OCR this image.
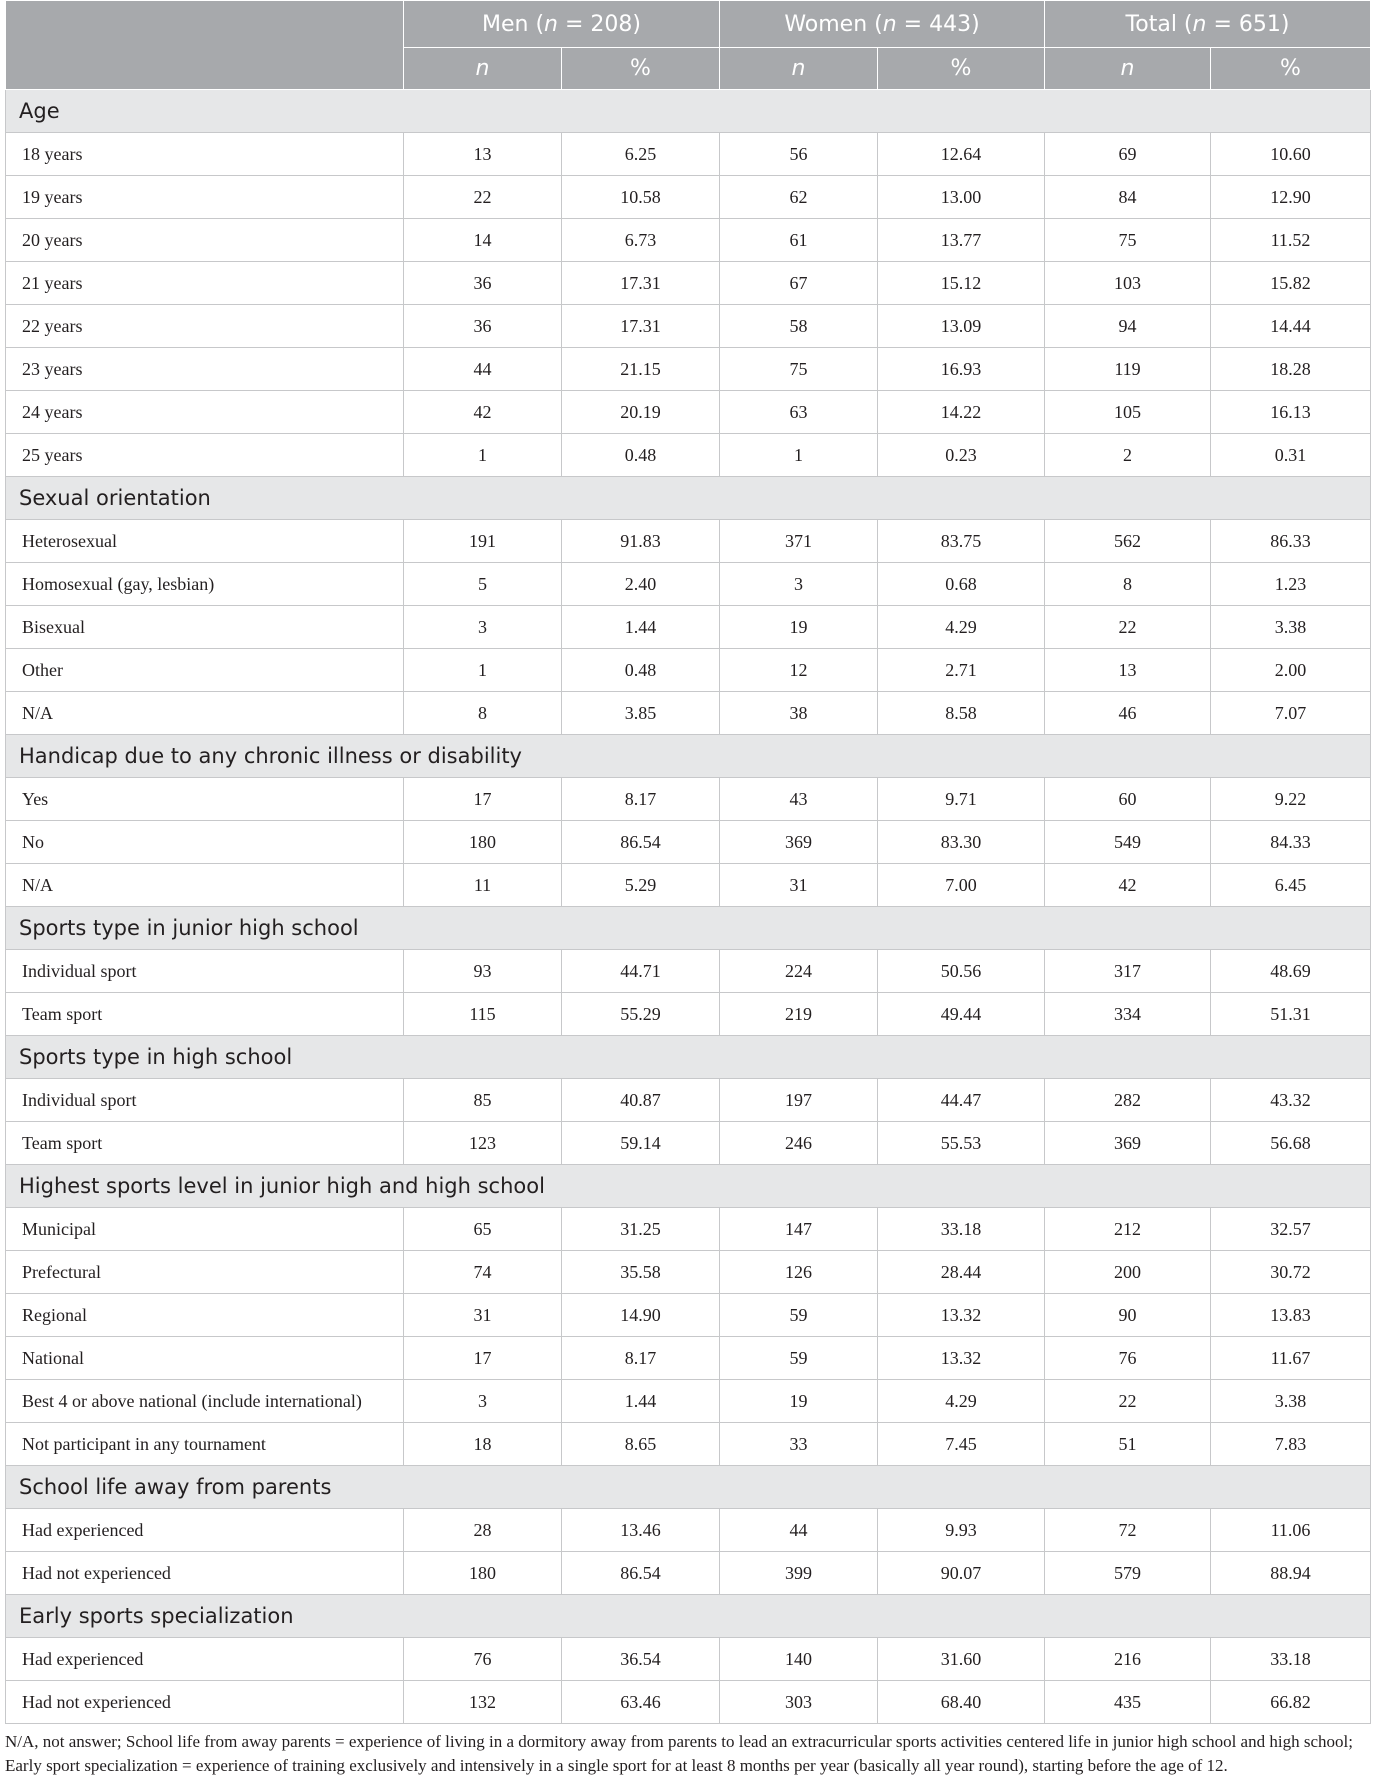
	Men (n = 208)		Women (n = 443)		Total (n = 651)	
	n	%	n	%	n	%
Age						
18 years	13	6.25	56	12.64	69	10.60
19 years	22	10.58	62	13.00	84	12.90
20 years	14	6.73	61	13.77	75	11.52
21 years	36	17.31	67	15.12	103	15.82
22 years	36	17.31	58	13.09	94	14.44
23 years	44	21.15	75	16.93	119	18.28
24 years	42	20.19	63	14.22	105	16.13
25 years	1	0.48	1	0.23	2	0.31
Sexual orientation						
Heterosexual	191	91.83	371	83.75	562	86.33
Homosexual (gay, lesbian)	5	2.40	3	0.68	8	1.23
Bisexual	3	1.44	19	4.29	22	3.38
Other	1	0.48	12	2.71	13	2.00
N/A	8	3.85	38	8.58	46	7.07
Handicap due to any chronic illness or disability						
Yes	17	8.17	43	9.71	60	9.22
No	180	86.54	369	83.30	549	84.33
N/A	11	5.29	31	7.00	42	6.45
Sports type in junior high school						
Individual sport	93	44.71	224	50.56	317	48.69
Team sport	115	55.29	219	49.44	334	51.31
Sports type in high school						
Individual sport	85	40.87	197	44.47	282	43.32
Team sport	123	59.14	246	55.53	369	56.68
Highest sports level in junior high and high school						
Municipal	65	31.25	147	33.18	212	32.57
Prefectural	74	35.58	126	28.44	200	30.72
Regional	31	14.90	59	13.32	90	13.83
National	17	8.17	59	13.32	76	11.67
Best 4 or above national (include international)	3	1.44	19	4.29	22	3.38
Not participant in any tournament	18	8.65	33	7.45	51	7.83
School life away from parents						
Had experienced	28	13.46	44	9.93	72	11.06
Had not experienced	180	86.54	399	90.07	579	88.94
Early sports specialization						
Had experienced	76	36.54	140	31.60	216	33.18
Had not experienced	132	63.46	303	68.40	435	66.82
N/A, not answer; School life from away parents = experience of living in a dormitory away from parents to lead an extracurricular sports activities centered life in junior high school and high school; Early sport specialization = experience of training exclusively and intensively in a single sport for at least 8 months per year (basically all year round), starting before the age of 12.
